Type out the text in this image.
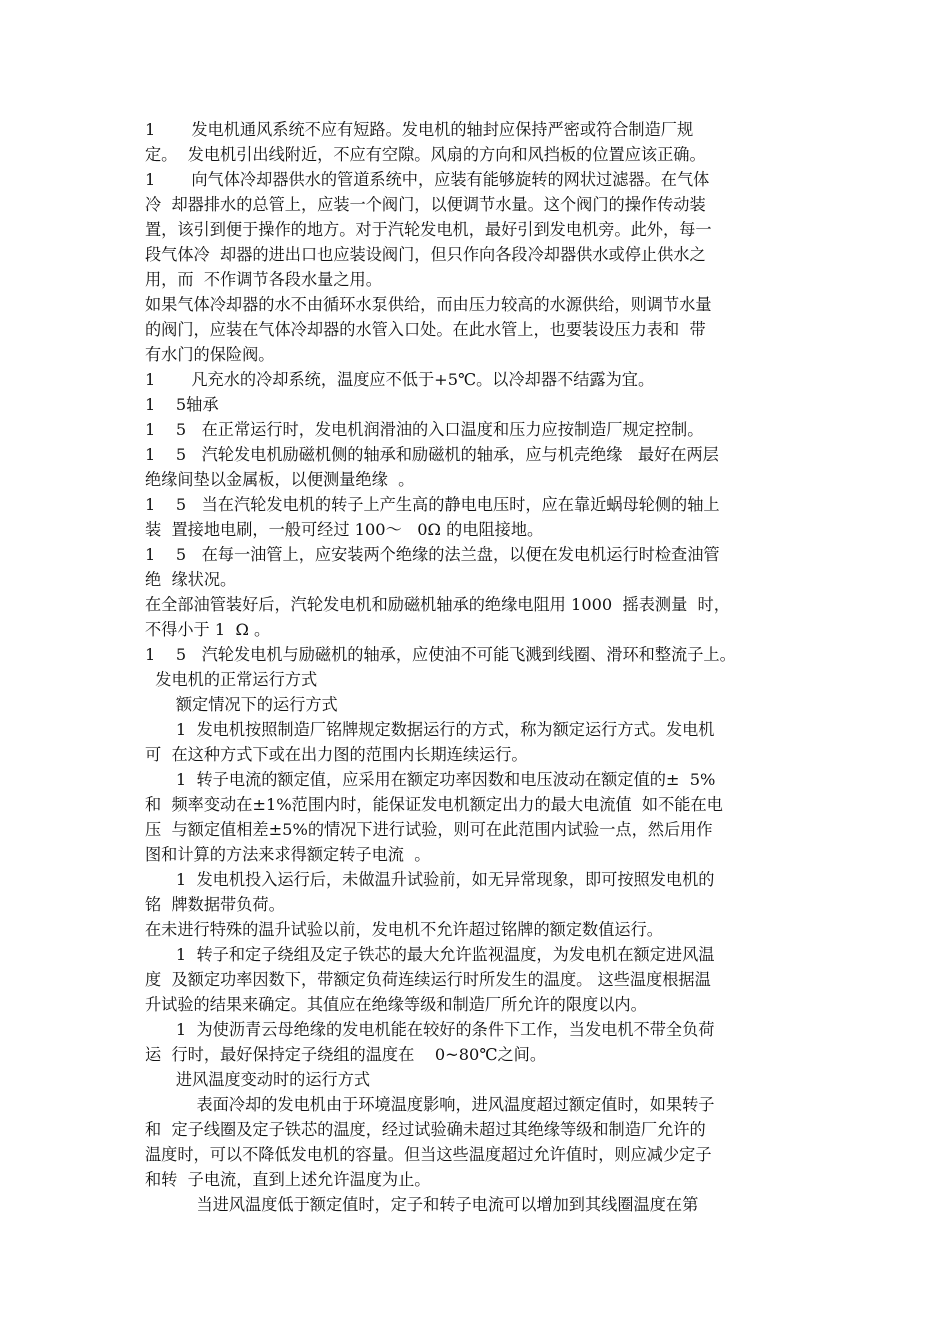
1       发电机通风系统不应有短路。发电机的轴封应保持严密或符合制造厂规
定。  发电机引出线附近，不应有空隙。风扇的方向和风挡板的位置应该正确。
1       向气体冷却器供水的管道系统中，应装有能够旋转的网状过滤器。在气体
冷  却器排水的总管上，应装一个阀门，以便调节水量。这个阀门的操作传动装
置，该引到便于操作的地方。对于汽轮发电机，最好引到发电机旁。此外，每一
段气体冷  却器的进出口也应装设阀门，但只作向各段冷却器供水或停止供水之
用，而  不作调节各段水量之用。
如果气体冷却器的水不由循环水泵供给，而由压力较高的水源供给，则调节水量
的阀门，应装在气体冷却器的水管入口处。在此水管上，也要装设压力表和  带
有水门的保险阀。
1       凡充水的冷却系统，温度应不低于+5℃。以冷却器不结露为宜。
1    5轴承
1    5   在正常运行时，发电机润滑油的入口温度和压力应按制造厂规定控制。
1    5   汽轮发电机励磁机侧的轴承和励磁机的轴承，应与机壳绝缘   最好在两层
绝缘间垫以金属板，以便测量绝缘  。
1    5   当在汽轮发电机的转子上产生高的静电电压时，应在靠近蜗母轮侧的轴上
装  置接地电刷，一般可经过 100～   0Ω 的电阻接地。
1    5   在每一油管上，应安装两个绝缘的法兰盘，以便在发电机运行时检查油管
绝  缘状况。
在全部油管装好后，汽轮发电机和励磁机轴承的绝缘电阻用 1000  摇表测量  时，
不得小于 1  Ω 。
1    5   汽轮发电机与励磁机的轴承，应使油不可能飞溅到线圈、滑环和整流子上。
发电机的正常运行方式
额定情况下的运行方式
1  发电机按照制造厂铭牌规定数据运行的方式，称为额定运行方式。发电机
可  在这种方式下或在出力图的范围内长期连续运行。
1  转子电流的额定值，应采用在额定功率因数和电压波动在额定值的±  5%
和  频率变动在±1%范围内时，能保证发电机额定出力的最大电流值  如不能在电
压  与额定值相差±5%的情况下进行试验，则可在此范围内试验一点，然后用作
图和计算的方法来求得额定转子电流  。
1  发电机投入运行后，未做温升试验前，如无异常现象，即可按照发电机的
铭  牌数据带负荷。
在未进行特殊的温升试验以前，发电机不允许超过铭牌的额定数值运行。
1  转子和定子绕组及定子铁芯的最大允许监视温度，为发电机在额定进风温
度  及额定功率因数下，带额定负荷连续运行时所发生的温度。 这些温度根据温
升试验的结果来确定。其值应在绝缘等级和制造厂所允许的限度以内。
1  为使沥青云母绝缘的发电机能在较好的条件下工作，当发电机不带全负荷
运  行时，最好保持定子绕组的温度在    0~80℃之间。
进风温度变动时的运行方式
表面冷却的发电机由于环境温度影响，进风温度超过额定值时，如果转子
和  定子线圈及定子铁芯的温度，经过试验确未超过其绝缘等级和制造厂允许的
温度时，可以不降低发电机的容量。但当这些温度超过允许值时，则应减少定子
和转  子电流，直到上述允许温度为止。
当进风温度低于额定值时，定子和转子电流可以增加到其线圈温度在第
